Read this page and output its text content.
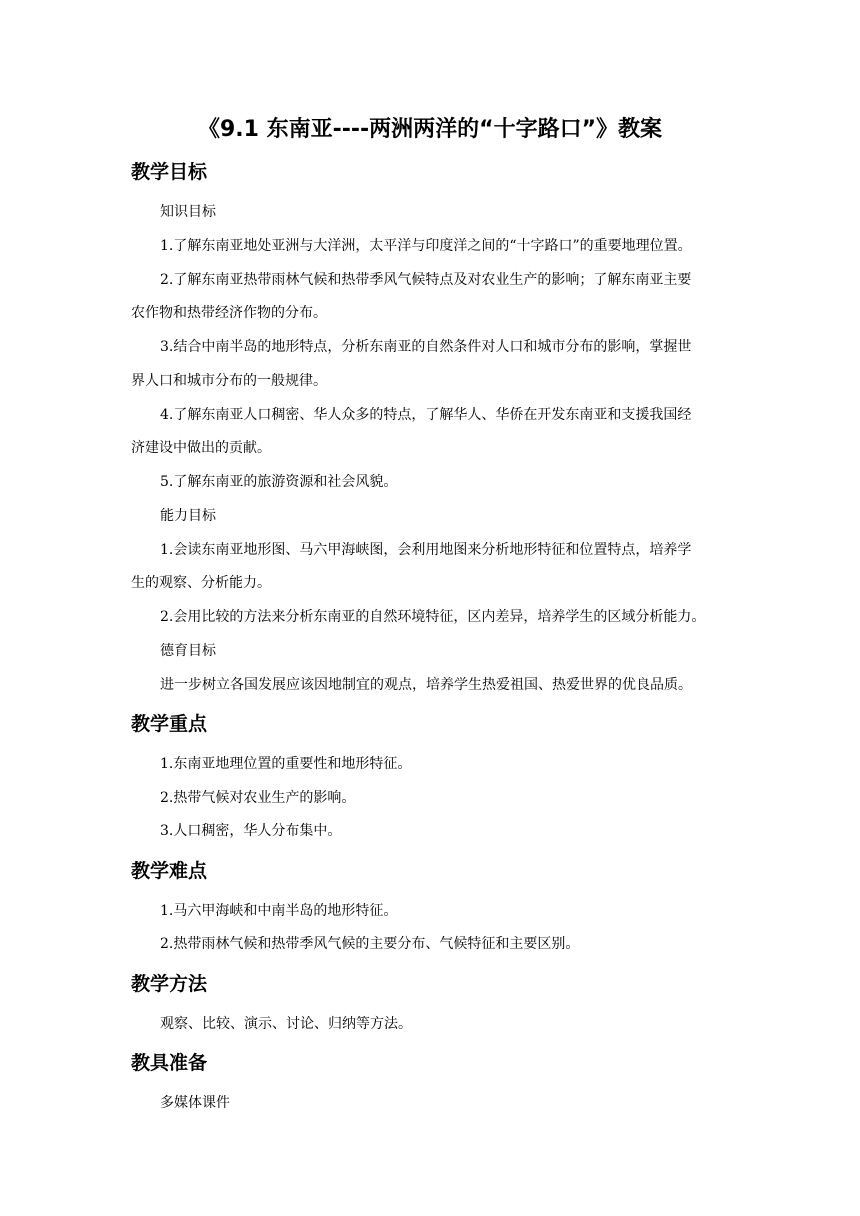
《9.1 东南亚----两洲两洋的“十字路口”》教案
教学目标
知识目标
1.了解东南亚地处亚洲与大洋洲，太平洋与印度洋之间的“十字路口”的重要地理位置。
2.了解东南亚热带雨林气候和热带季风气候特点及对农业生产的影响；了解东南亚主要
农作物和热带经济作物的分布。
3.结合中南半岛的地形特点，分析东南亚的自然条件对人口和城市分布的影响，掌握世
界人口和城市分布的一般规律。
4.了解东南亚人口稠密、华人众多的特点，了解华人、华侨在开发东南亚和支援我国经
济建设中做出的贡献。
5.了解东南亚的旅游资源和社会风貌。
能力目标
1.会读东南亚地形图、马六甲海峡图，会利用地图来分析地形特征和位置特点，培养学
生的观察、分析能力。
2.会用比较的方法来分析东南亚的自然环境特征，区内差异，培养学生的区域分析能力。
德育目标
进一步树立各国发展应该因地制宜的观点，培养学生热爱祖国、热爱世界的优良品质。
教学重点
1.东南亚地理位置的重要性和地形特征。
2.热带气候对农业生产的影响。
3.人口稠密，华人分布集中。
教学难点
1.马六甲海峡和中南半岛的地形特征。
2.热带雨林气候和热带季风气候的主要分布、气候特征和主要区别。
教学方法
观察、比较、演示、讨论、归纳等方法。
教具准备
多媒体课件
